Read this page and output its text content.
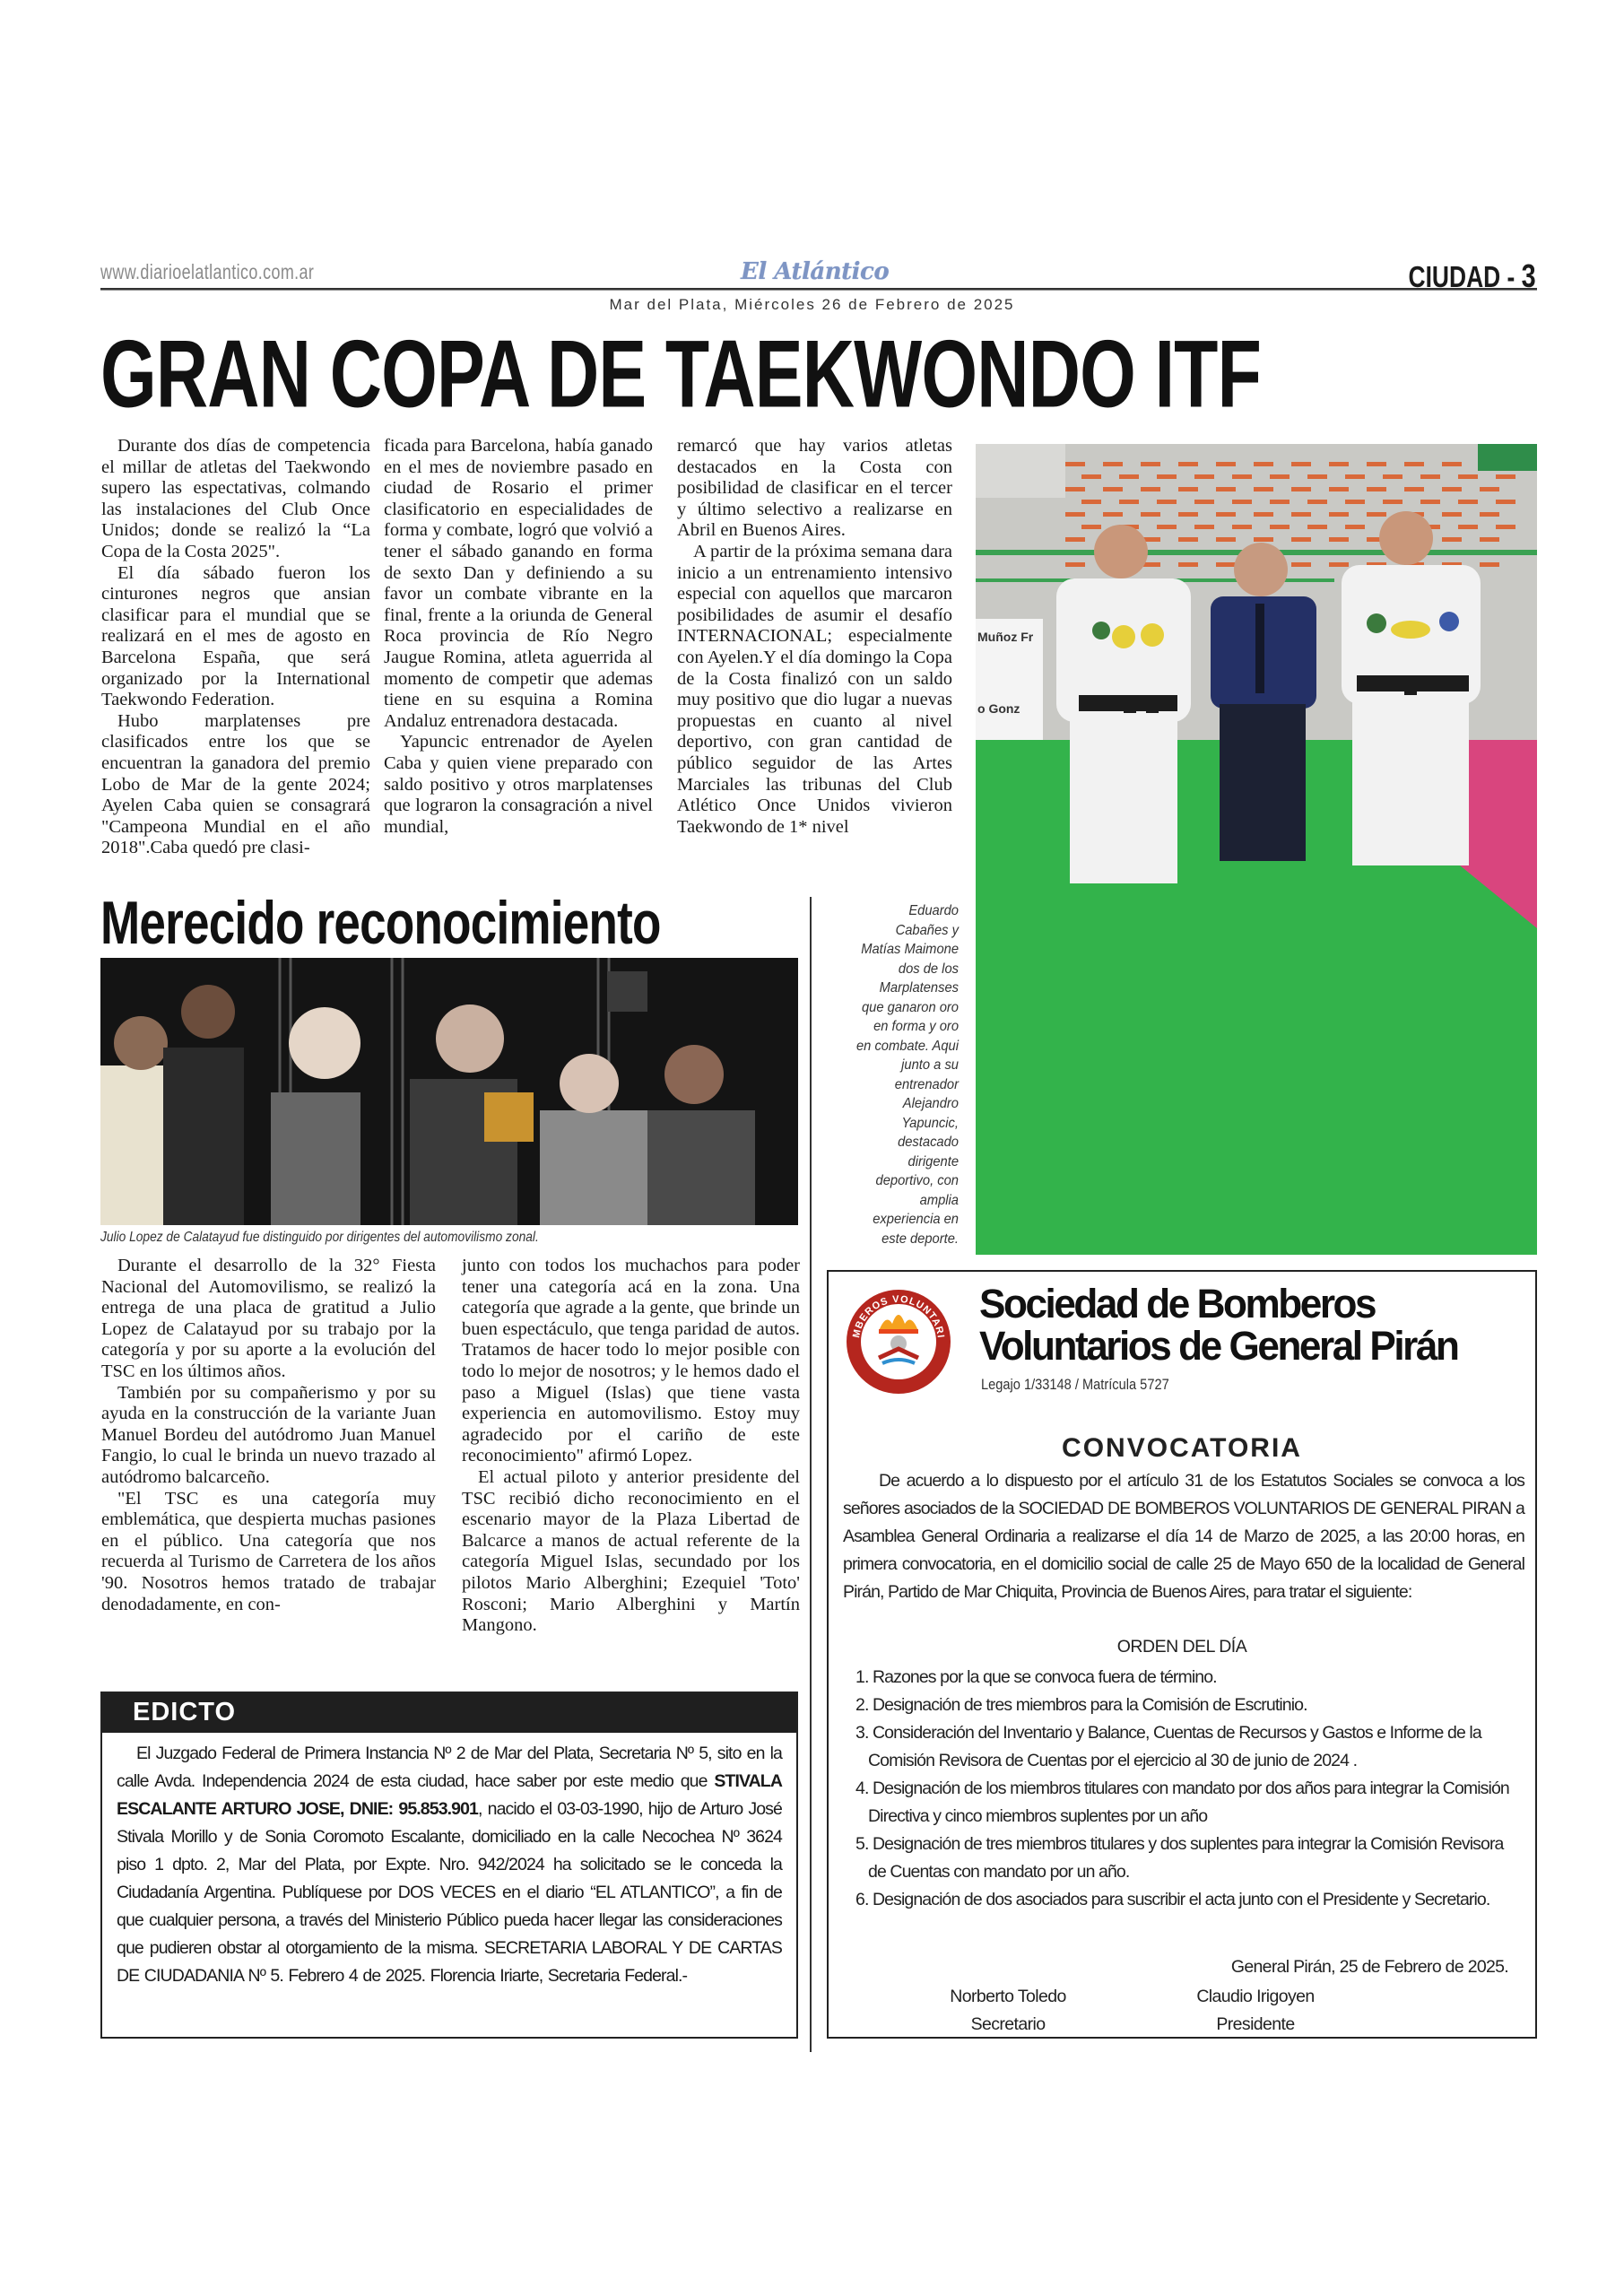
www.diarioelatlantico.com.ar	El Atlántico	CIUDAD - 3
Mar del Plata, Miércoles 26 de Febrero de 2025
GRAN COPA DE TAEKWONDO ITF

Durante dos días de competencia el millar de atletas del Taekwondo supero las espectativas, colmando las instalaciones del Club Once Unidos; donde se realizó la “La Copa de la Costa 2025".

El día sábado fueron los cinturones negros que ansian clasificar para el mundial que se realizará en el mes de agosto en Barcelona España, que será organizado por la International Taekwondo Federation.

Hubo marplatenses pre clasificados entre los que se encuentran la ganadora del premio Lobo de Mar de la gente 2024; Ayelen Caba quien se consagrará "Campeona Mundial en el año 2018".Caba quedó pre clasi-

ficada para Barcelona, había ganado en el mes de noviembre pasado en ciudad de Rosario el primer clasificatorio en especialidades de forma y combate, logró que volvió a tener el sábado ganando en forma de sexto Dan y definiendo a su favor un combate vibrante en la final, frente a la oriunda de General Roca provincia de Río Negro Jaugue Romina, atleta aguerrida al momento de competir que ademas tiene en su esquina a Romina Andaluz entrenadora destacada.

Yapuncic entrenador de Ayelen Caba y quien viene preparado con saldo positivo y otros marplatenses que lograron la consagración a nivel mundial,

remarcó que hay varios atletas destacados en la Costa con posibilidad de clasificar en el tercer y último selectivo a realizarse en Abril en Buenos Aires.

A partir de la próxima semana dara inicio a un entrenamiento intensivo especial con aquellos que marcaron posibilidades de asumir el desafío INTERNACIONAL; especialmente con Ayelen.Y el día domingo la Copa de la Costa finalizó con un saldo muy positivo que dio lugar a nuevas propuestas en cuanto al nivel deportivo, con gran cantidad de público seguidor de las Artes Marciales las tribunas del Club Atlético Once Unidos vivieron Taekwondo de 1* nivel

Muñoz Fr
o Gonz
Eduardo Cabañes y Matías Maimone dos de los Marplatenses que ganaron oro en forma y oro en combate. Aqui junto a su entrenador Alejandro Yapuncic, destacado dirigente deportivo, con amplia experiencia en este deporte.
Merecido reconocimiento
Julio Lopez de Calatayud fue distinguido por dirigentes del automovilismo zonal.

Durante el desarrollo de la 32° Fiesta Nacional del Automovilismo, se realizó la entrega de una placa de gratitud a Julio Lopez de Calatayud por su trabajo por la categoría y por su aporte a la evolución del TSC en los últimos años.

También por su compañerismo y por su ayuda en la construcción de la variante Juan Manuel Bordeu del autódromo Juan Manuel Fangio, lo cual le brinda un nuevo trazado al autódromo balcarceño.

"El TSC es una categoría muy emblemática, que despierta muchas pasiones en el público. Una categoría que nos recuerda al Turismo de Carretera de los años '90. Nosotros hemos tratado de trabajar denodadamente, en con-

junto con todos los muchachos para poder tener una categoría acá en la zona. Una categoría que agrade a la gente, que brinde un buen espectáculo, que tenga paridad de autos. Tratamos de hacer todo lo mejor posible con todo lo mejor de nosotros; y le hemos dado el paso a Miguel (Islas) que tiene vasta experiencia en automovilismo. Estoy muy agradecido por el cariño de este reconocimiento" afirmó Lopez.

El actual piloto y anterior presidente del TSC recibió dicho reconocimiento en el escenario mayor de la Plaza Libertad de Balcarce a manos de actual referente de la categoría Miguel Islas, secundado por los pilotos Mario Alberghini; Ezequiel 'Toto' Rosconi; Mario Alberghini y Martín Mangono.

EDICTO

El Juzgado Federal de Primera Instancia Nº 2 de Mar del Plata, Secretaria Nº 5, sito en la calle Avda. Independencia 2024 de esta ciudad, hace saber por este medio que STIVALA ESCALANTE ARTURO JOSE, DNIE: 95.853.901, nacido el 03-03-1990, hijo de Arturo José Stivala Morillo y de Sonia Coromoto Escalante, domiciliado en la calle Necochea Nº 3624 piso 1 dpto. 2, Mar del Plata, por Expte. Nro. 942/2024 ha solicitado se le conceda la Ciudadanía Argentina. Publíquese por DOS VECES en el diario “EL ATLANTICO”, a fin de que cualquier persona, a través del Ministerio Público pueda hacer llegar las consideraciones que pudieren obstar al otorgamiento de la misma. SECRETARIA LABORAL Y DE CARTAS DE CIUDADANIA Nº 5. Febrero 4 de 2025. Florencia Iriarte, Secretaria Federal.-

MBEROS VOLUNTARI
GENERAL PIRAN
Sociedad de Bomberos
Voluntarios de General Pirán
Legajo 1/33148 / Matrícula 5727
CONVOCATORIA

De acuerdo a lo dispuesto por el artículo 31 de los Estatutos Sociales se convoca a los señores asociados de la SOCIEDAD DE BOMBEROS VOLUNTARIOS DE GENERAL PIRAN a Asamblea General Ordinaria a realizarse el día 14 de Marzo de 2025, a las 20:00 horas, en primera convocatoria, en el domicilio social de calle 25 de Mayo 650 de la localidad de General Pirán, Partido de Mar Chiquita, Provincia de Buenos Aires, para tratar el siguiente:

ORDEN DEL DÍA
1. Razones por la que se convoca fuera de término.
2. Designación de tres miembros para la Comisión de Escrutinio.
3. Consideración del Inventario y Balance, Cuentas de Recursos y Gastos e Informe de la Comisión Revisora de Cuentas por el ejercicio al 30 de junio de 2024 .
4. Designación de los miembros titulares con mandato por dos años para integrar la Comisión Directiva y cinco miembros suplentes por un año
5. Designación de tres miembros titulares y dos suplentes para integrar la Comisión Revisora de Cuentas con mandato por un año.
6. Designación de dos asociados para suscribir el acta junto con el Presidente y Secretario.
General Pirán, 25 de Febrero de 2025.
Norberto Toledo
Secretario
Claudio Irigoyen
Presidente
